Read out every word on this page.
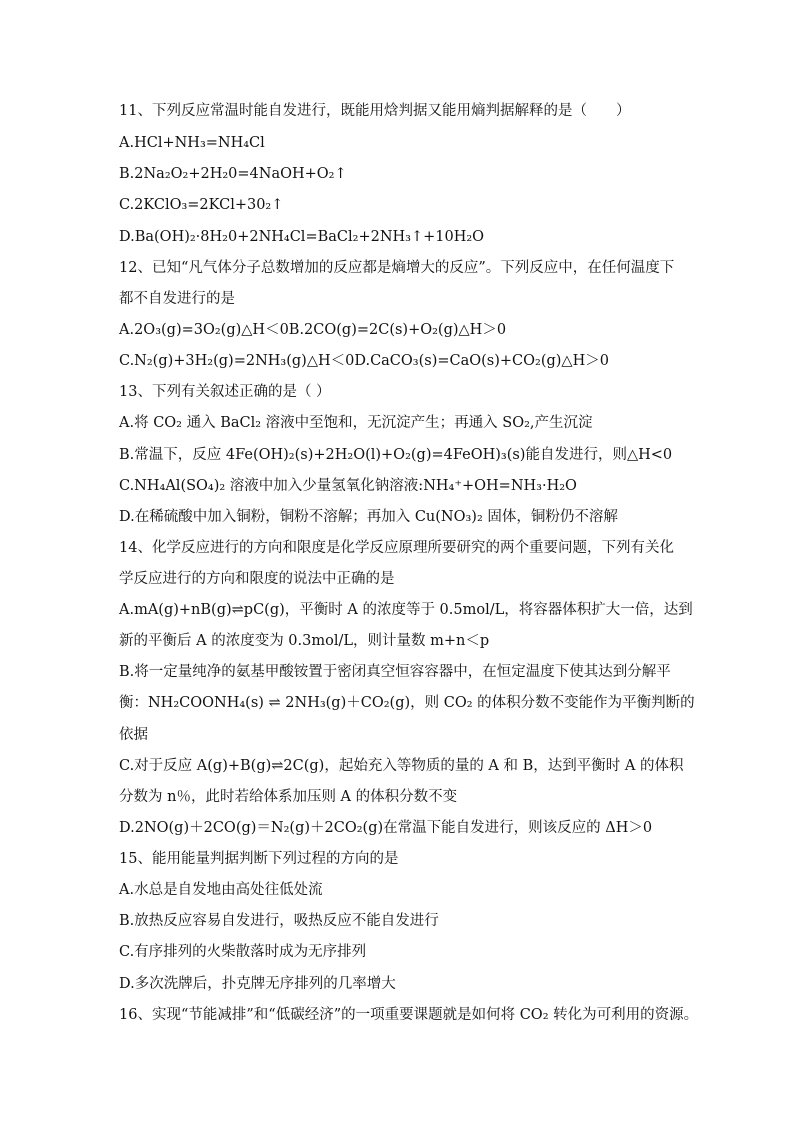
11、下列反应常温时能自发进行，既能用焓判据又能用熵判据解释的是（　　）
A.HCl+NH₃=NH₄Cl
B.2Na₂O₂+2H₂0=4NaOH+O₂↑
C.2KClO₃=2KCl+30₂↑
D.Ba(OH)₂·8H₂0+2NH₄Cl=BaCl₂+2NH₃↑+10H₂O
12、已知“凡气体分子总数增加的反应都是熵增大的反应”。下列反应中，在任何温度下
都不自发进行的是
A.2O₃(g)=3O₂(g)△H＜0B.2CO(g)=2C(s)+O₂(g)△H＞0
C.N₂(g)+3H₂(g)=2NH₃(g)△H＜0D.CaCO₃(s)=CaO(s)+CO₂(g)△H＞0
13、下列有关叙述正确的是（ ）
A.将 CO₂ 通入 BaCl₂ 溶液中至饱和，无沉淀产生；再通入 SO₂,产生沉淀
B.常温下，反应 4Fe(OH)₂(s)+2H₂O(l)+O₂(g)=4FeOH)₃(s)能自发进行，则△H<0
C.NH₄Al(SO₄)₂ 溶液中加入少量氢氧化钠溶液:NH₄⁺+OH=NH₃·H₂O
D.在稀硫酸中加入铜粉，铜粉不溶解；再加入 Cu(NO₃)₂ 固体，铜粉仍不溶解
14、化学反应进行的方向和限度是化学反应原理所要研究的两个重要问题，下列有关化
学反应进行的方向和限度的说法中正确的是
A.mA(g)+nB(g)⇌pC(g)，平衡时 A 的浓度等于 0.5mol/L，将容器体积扩大一倍，达到
新的平衡后 A 的浓度变为 0.3mol/L，则计量数 m+n＜p
B.将一定量纯净的氨基甲酸铵置于密闭真空恒容容器中，在恒定温度下使其达到分解平
衡：NH₂COONH₄(s) ⇌ 2NH₃(g)＋CO₂(g)，则 CO₂ 的体积分数不变能作为平衡判断的
依据
C.对于反应 A(g)+B(g)⇌2C(g)，起始充入等物质的量的 A 和 B，达到平衡时 A 的体积
分数为 n％，此时若给体系加压则 A 的体积分数不变
D.2NO(g)＋2CO(g)＝N₂(g)＋2CO₂(g)在常温下能自发进行，则该反应的 ΔH＞0
15、能用能量判据判断下列过程的方向的是
A.水总是自发地由高处往低处流
B.放热反应容易自发进行，吸热反应不能自发进行
C.有序排列的火柴散落时成为无序排列
D.多次洗牌后，扑克牌无序排列的几率增大
16、实现“节能减排”和“低碳经济”的一项重要课题就是如何将 CO₂ 转化为可利用的资源。
